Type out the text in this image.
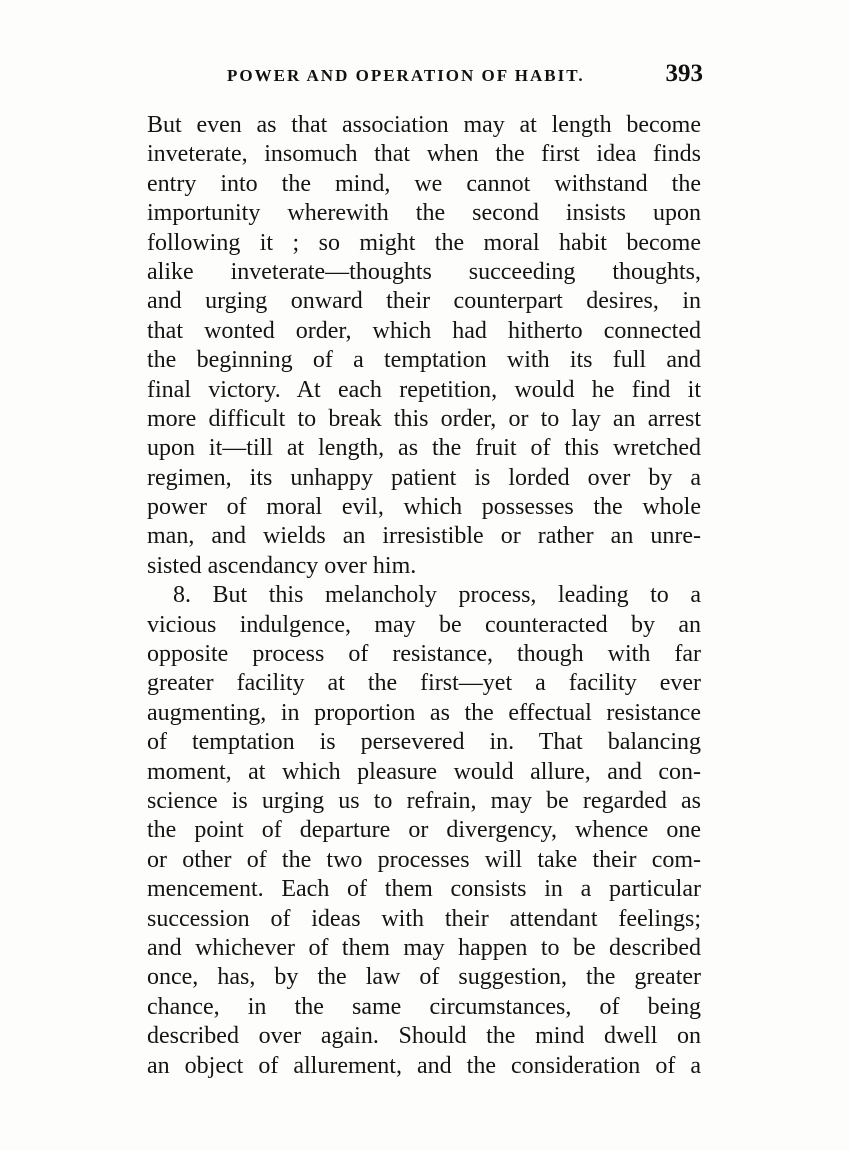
POWER AND OPERATION OF HABIT.	393
But even as that association may at length become
inveterate, insomuch that when the first idea finds
entry into the mind, we cannot withstand the
importunity wherewith the second insists upon
following it ; so might the moral habit become
alike inveterate—thoughts succeeding thoughts,
and urging onward their counterpart desires, in
that wonted order, which had hitherto connected
the beginning of a temptation with its full and
final victory. At each repetition, would he find it
more difficult to break this order, or to lay an arrest
upon it—till at length, as the fruit of this wretched
regimen, its unhappy patient is lorded over by a
power of moral evil, which possesses the whole
man, and wields an irresistible or rather an unre-
sisted ascendancy over him.
8. But this melancholy process, leading to a
vicious indulgence, may be counteracted by an
opposite process of resistance, though with far
greater facility at the first—yet a facility ever
augmenting, in proportion as the effectual resistance
of temptation is persevered in. That balancing
moment, at which pleasure would allure, and con-
science is urging us to refrain, may be regarded as
the point of departure or divergency, whence one
or other of the two processes will take their com-
mencement. Each of them consists in a particular
succession of ideas with their attendant feelings;
and whichever of them may happen to be described
once, has, by the law of suggestion, the greater
chance, in the same circumstances, of being
described over again. Should the mind dwell on
an object of allurement, and the consideration of a
